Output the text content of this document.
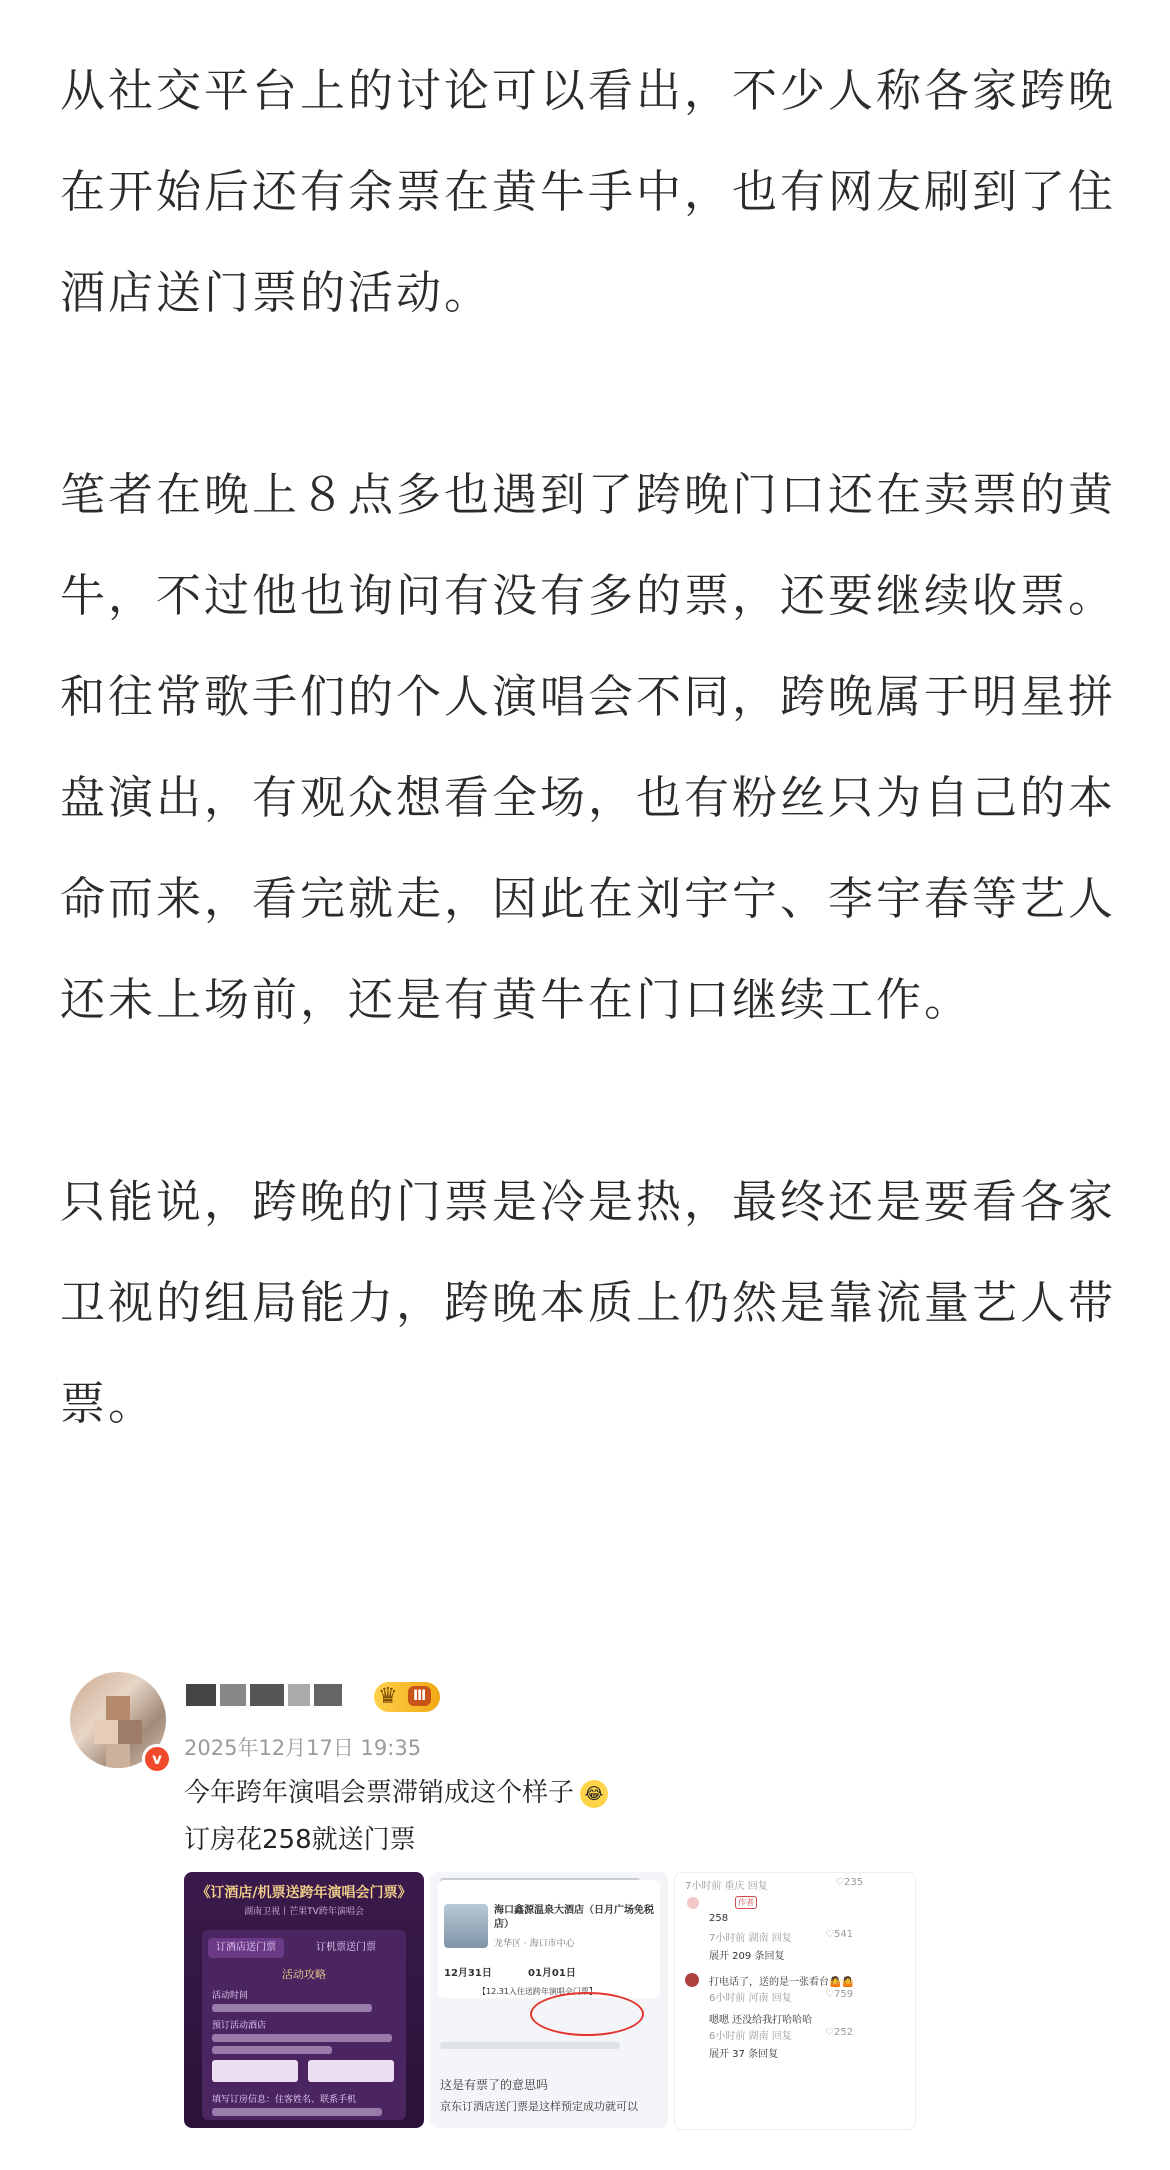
从社交平台上的讨论可以看出，不少人称各家跨晚在开始后还有余票在黄牛手中，也有网友刷到了住酒店送门票的活动。

笔者在晚上８点多也遇到了跨晚门口还在卖票的黄牛，不过他也询问有没有多的票，还要继续收票。和往常歌手们的个人演唱会不同，跨晚属于明星拼盘演出，有观众想看全场，也有粉丝只为自己的本命而来，看完就走，因此在刘宇宁、李宇春等艺人还未上场前，还是有黄牛在门口继续工作。

只能说，跨晚的门票是冷是热，最终还是要看各家卫视的组局能力，跨晚本质上仍然是靠流量艺人带票。

v
♛	Ⅲ
2025年12月17日 19:35
今年跨年演唱会票滞销成这个样子 😂
订房花258就送门票
《订酒店/机票送跨年演唱会门票》
湖南卫视丨芒果TV跨年演唱会
订酒店送门票	订机票送门票
活动攻略
活动时间
预订活动酒店
填写订房信息：住客姓名、联系手机
海口鑫源温泉大酒店（日月广场免税店）
龙华区 · 海口市中心
12月31日	01月01日
【12.31入住送跨年演唱会门票】
这是有票了的意思吗
京东订酒店送门票是这样预定成功就可以
7小时前 重庆 回复	♡235
作者
258
7小时前 湖南 回复	♡541
展开 209 条回复
打电话了，送的是一张看台🤷🤷
6小时前 河南 回复	♡759
嗯嗯 还没给我打哈哈哈
6小时前 湖南 回复	♡252
展开 37 条回复
